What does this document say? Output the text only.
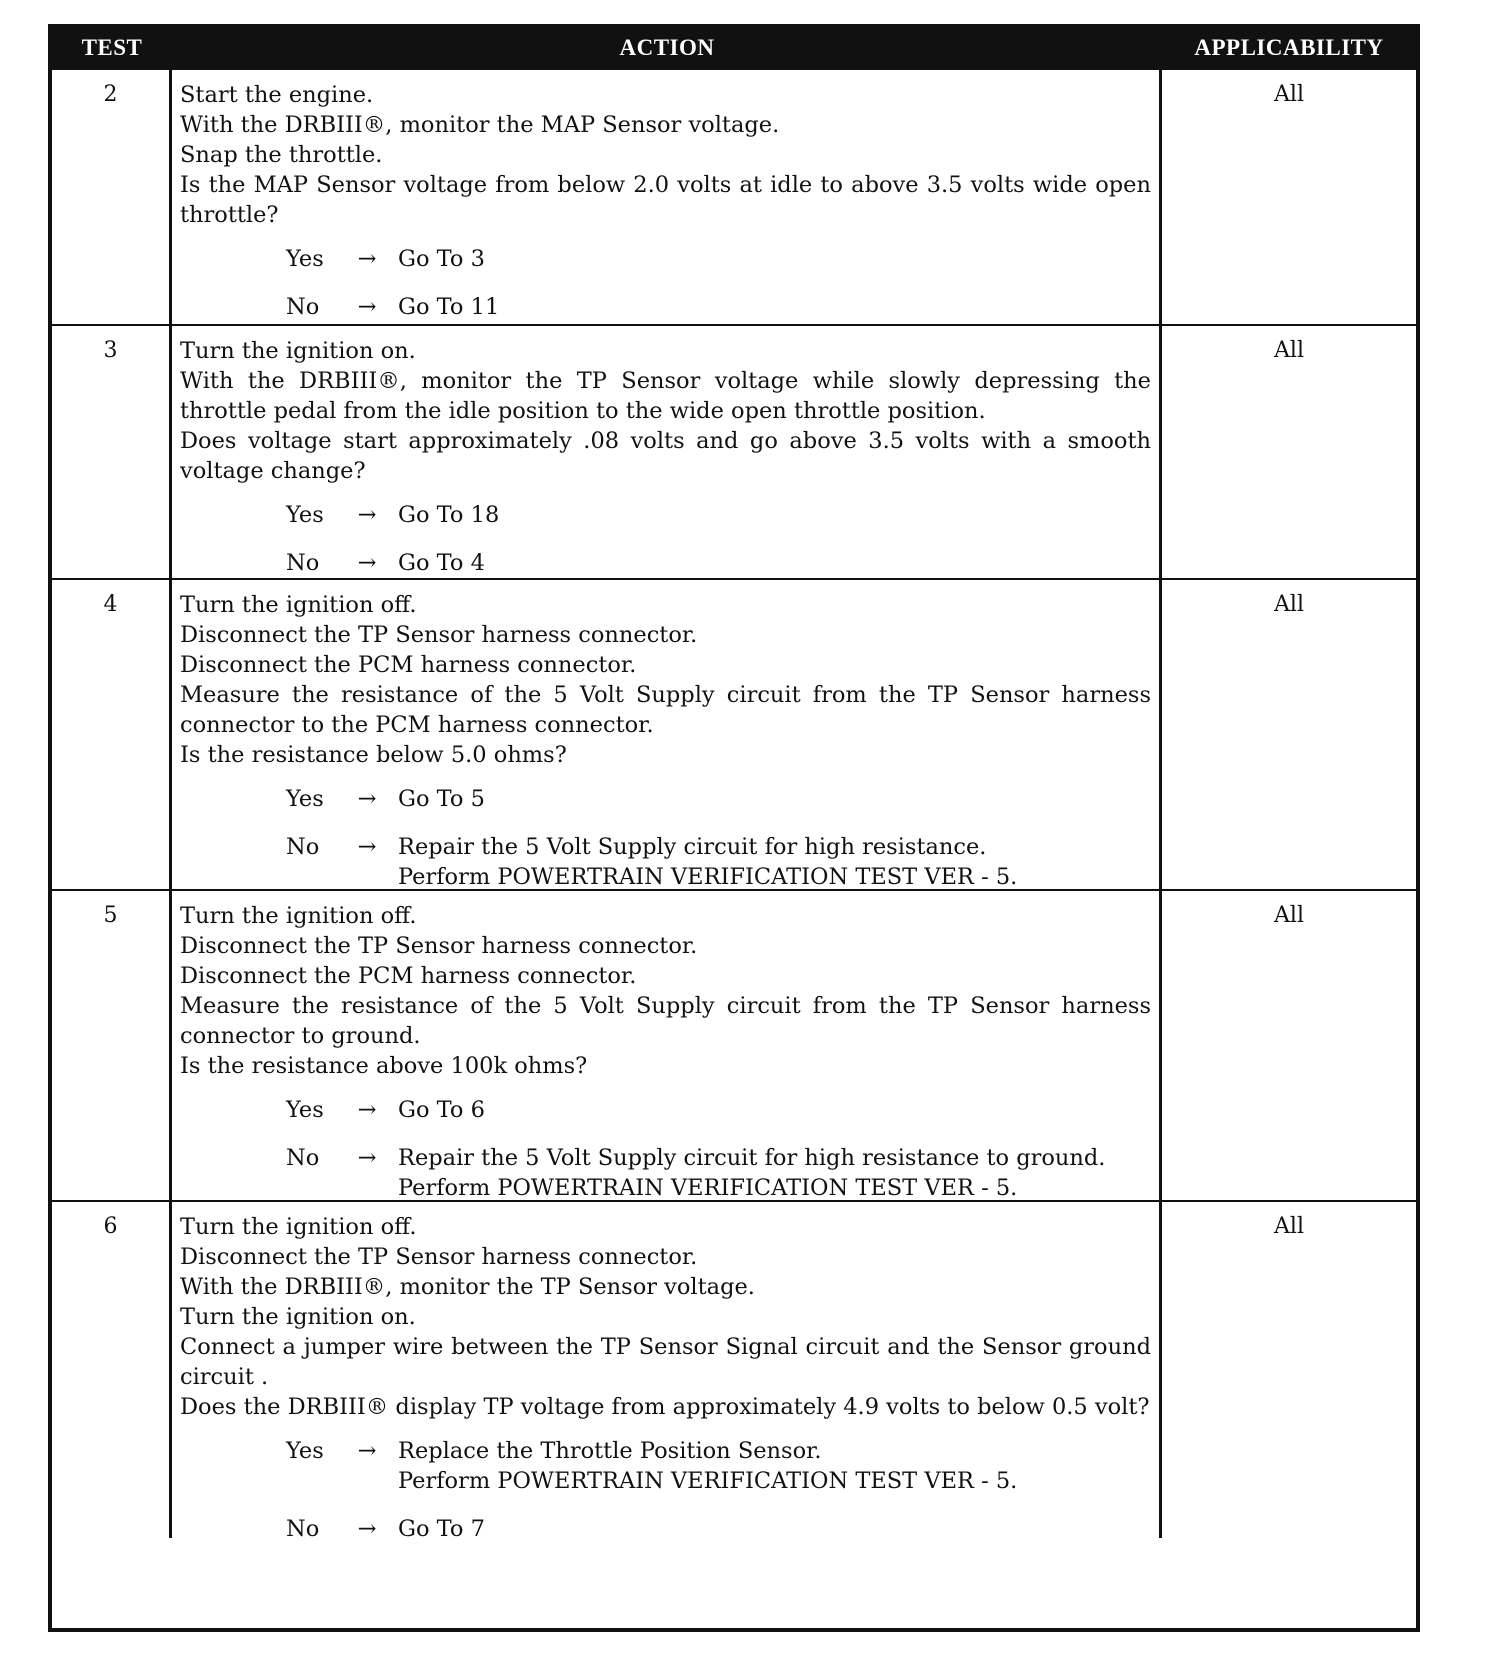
TEST	ACTION	APPLICABILITY
2	Start the engine.

With the DRBIII®, monitor the MAP Sensor voltage.

Snap the throttle.

Is the MAP Sensor voltage from below 2.0 volts at idle to above 3.5 volts wide open throttle?

Yes	→ Go To 3
No	→ Go To 11
All
3	Turn the ignition on.

With the DRBIII®, monitor the TP Sensor voltage while slowly depressing the throttle pedal from the idle position to the wide open throttle position.

Does voltage start approximately .08 volts and go above 3.5 volts with a smooth voltage change?

Yes	→ Go To 18
No	→ Go To 4
All
4	Turn the ignition off.

Disconnect the TP Sensor harness connector.

Disconnect the PCM harness connector.

Measure the resistance of the 5 Volt Supply circuit from the TP Sensor harness connector to the PCM harness connector.

Is the resistance below 5.0 ohms?

Yes	→ Go To 5
No	→ Repair the 5 Volt Supply circuit for high resistance.
Perform POWERTRAIN VERIFICATION TEST VER - 5.
All
5	Turn the ignition off.

Disconnect the TP Sensor harness connector.

Disconnect the PCM harness connector.

Measure the resistance of the 5 Volt Supply circuit from the TP Sensor harness connector to ground.

Is the resistance above 100k ohms?

Yes	→ Go To 6
No	→ Repair the 5 Volt Supply circuit for high resistance to ground.
Perform POWERTRAIN VERIFICATION TEST VER - 5.
All
6	Turn the ignition off.

Disconnect the TP Sensor harness connector.

With the DRBIII®, monitor the TP Sensor voltage.

Turn the ignition on.

Connect a jumper wire between the TP Sensor Signal circuit and the Sensor ground circuit .

Does the DRBIII® display TP voltage from approximately 4.9 volts to below 0.5 volt?

Yes	→ Replace the Throttle Position Sensor.
Perform POWERTRAIN VERIFICATION TEST VER - 5.
No	→ Go To 7
All
